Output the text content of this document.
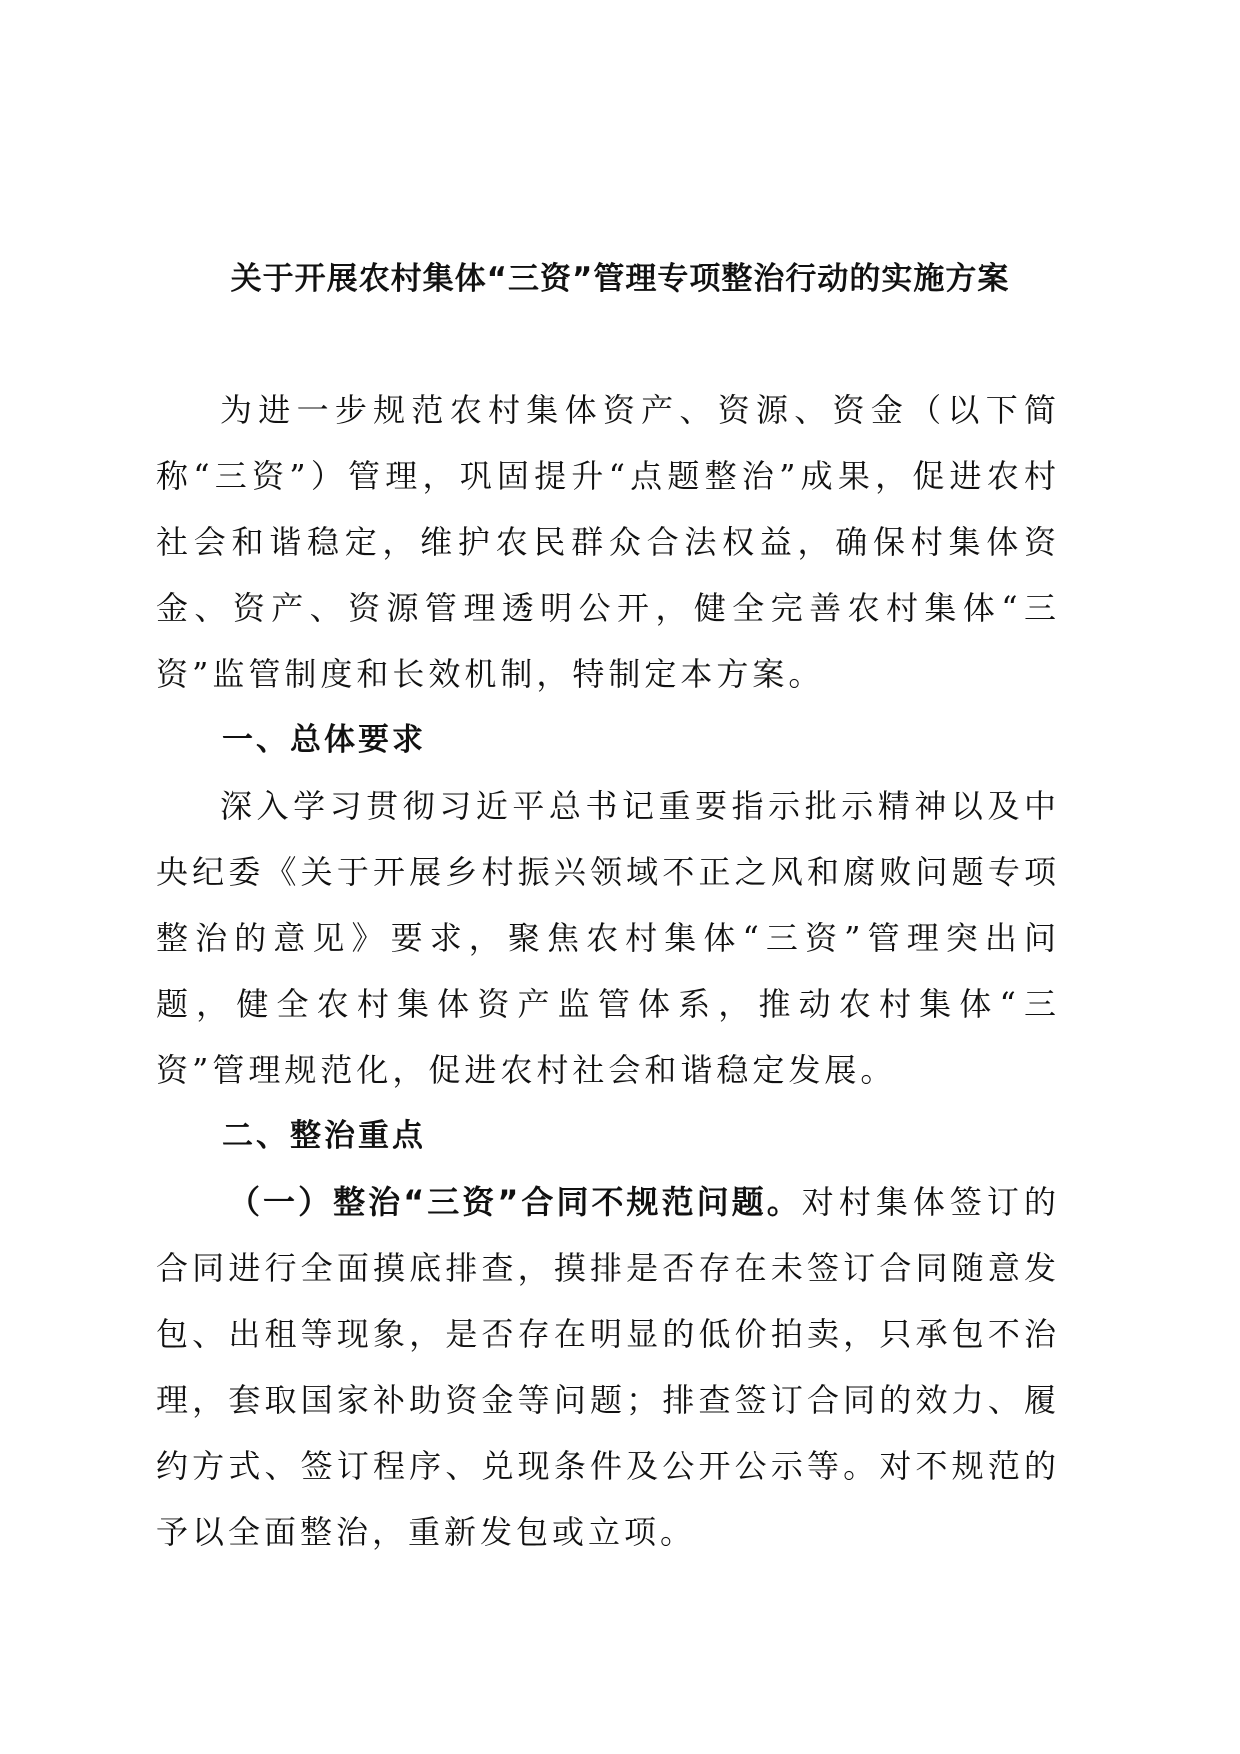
关于开展农村集体“三资”管理专项整治行动的实施方案

为进一步规范农村集体资产、资源、资金（以下简称“三资”）管理，巩固提升“点题整治”成果，促进农村社会和谐稳定，维护农民群众合法权益，确保村集体资金、资产、资源管理透明公开，健全完善农村集体“三资”监管制度和长效机制，特制定本方案。

一、总体要求

深入学习贯彻习近平总书记重要指示批示精神以及中央纪委《关于开展乡村振兴领域不正之风和腐败问题专项整治的意见》要求，聚焦农村集体“三资”管理突出问题，健全农村集体资产监管体系，推动农村集体“三资”管理规范化，促进农村社会和谐稳定发展。

二、整治重点

（一）整治“三资”合同不规范问题。对村集体签订的合同进行全面摸底排查，摸排是否存在未签订合同随意发包、出租等现象，是否存在明显的低价拍卖，只承包不治理，套取国家补助资金等问题；排查签订合同的效力、履约方式、签订程序、兑现条件及公开公示等。对不规范的予以全面整治，重新发包或立项。
